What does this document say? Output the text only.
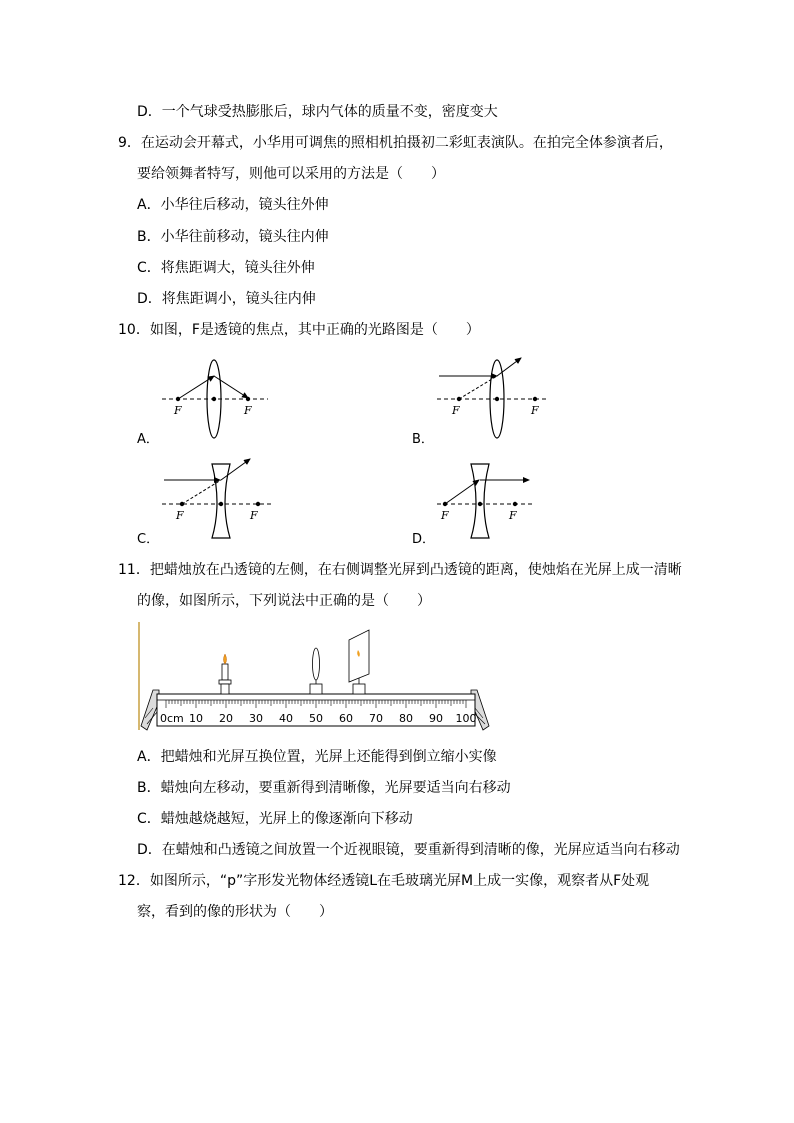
D．一个气球受热膨胀后，球内气体的质量不变，密度变大
9．在运动会开幕式，小华用可调焦的照相机拍摄初二彩虹表演队。在拍完全体参演者后，
要给领舞者特写，则他可以采用的方法是（　　）
A．小华往后移动，镜头往外伸
B．小华往前移动，镜头往内伸
C．将焦距调大，镜头往外伸
D．将焦距调小，镜头往内伸
10．如图，F是透镜的焦点，其中正确的光路图是（　　）
F	F
A．
F	F
B．
F	F
C．
F	F
D．
11．把蜡烛放在凸透镜的左侧，在右侧调整光屏到凸透镜的距离，使烛焰在光屏上成一清晰
的像，如图所示，下列说法中正确的是（　　）
0cm 10 20 30 40 50 60 70 80 90 100
A．把蜡烛和光屏互换位置，光屏上还能得到倒立缩小实像
B．蜡烛向左移动，要重新得到清晰像，光屏要适当向右移动
C．蜡烛越烧越短，光屏上的像逐渐向下移动
D．在蜡烛和凸透镜之间放置一个近视眼镜，要重新得到清晰的像，光屏应适当向右移动
12．如图所示，“p”字形发光物体经透镜L在毛玻璃光屏M上成一实像，观察者从F处观
察，看到的像的形状为（　　）
